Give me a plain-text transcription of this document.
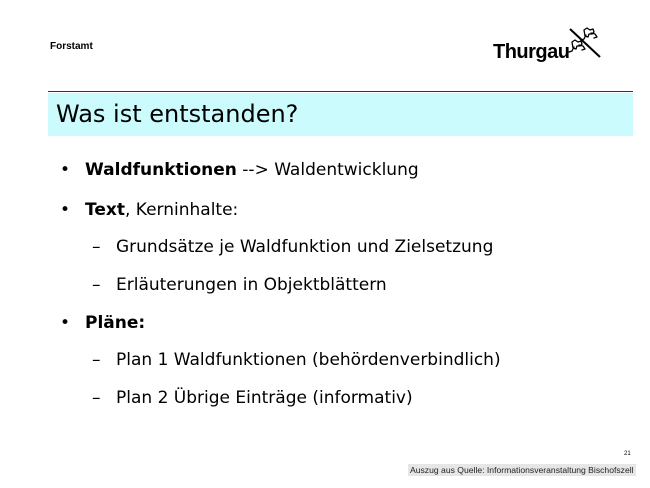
Forstamt	Thurgau
Was ist entstanden?
• Waldfunktionen --> Waldentwicklung
• Text, Kerninhalte:
– Grundsätze je Waldfunktion und Zielsetzung
– Erläuterungen in Objektblättern
• Pläne:
– Plan 1 Waldfunktionen (behördenverbindlich)
– Plan 2 Übrige Einträge (informativ)
21
Auszug aus Quelle: Informationsveranstaltung Bischofszell
